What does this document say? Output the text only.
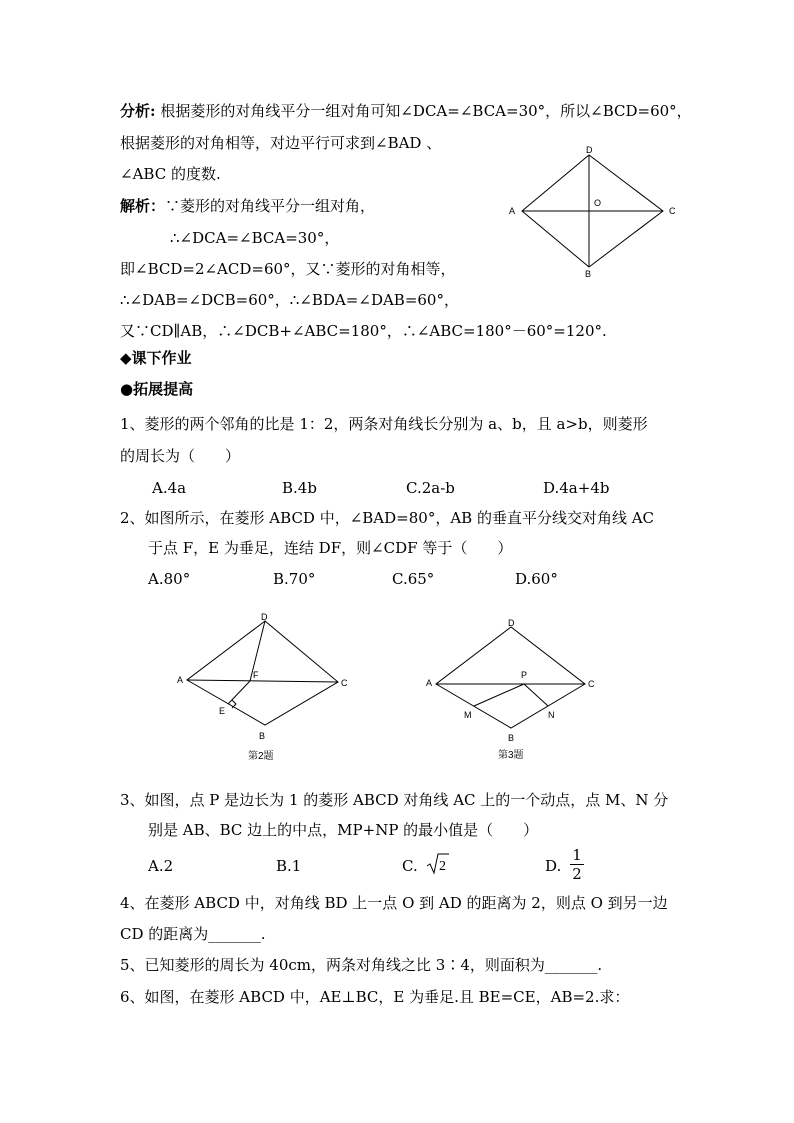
分析: 根据菱形的对角线平分一组对角可知∠DCA=∠BCA=30°，所以∠BCD=60°，
根据菱形的对角相等，对边平行可求到∠BAD 、
∠ABC 的度数.
解析：∵菱形的对角线平分一组对角，
∴∠DCA=∠BCA=30°，
即∠BCD=2∠ACD=60°，又∵菱形的对角相等，
∴∠DAB=∠DCB=60°，∴∠BDA=∠DAB=60°，
又∵CD∥AB，∴∠DCB+∠ABC=180°，∴∠ABC=180°－60°=120°.
D
A
O
C
B
◆课下作业
●拓展提高
1、菱形的两个邻角的比是 1：2，两条对角线长分别为 a、b，且 a>b，则菱形
的周长为（　　）
A.4a	B.4b	C.2a-b	D.4a+4b
2、如图所示，在菱形 ABCD 中，∠BAD=80°，AB 的垂直平分线交对角线 AC
于点 F，E 为垂足，连结 DF，则∠CDF 等于（　　）
A.80°	B.70°	C.65°	D.60°
D
A	F
C
E
B
第2题
D
P
A	C
M	N
B
第3题
3、如图，点 P 是边长为 1 的菱形 ABCD 对角线 AC 上的一个动点，点 M、N 分
别是 AB、BC 边上的中点，MP+NP 的最小值是（　　）
A.2	B.1	C. 2	D. $\frac{1}{2}$
4、在菱形 ABCD 中，对角线 BD 上一点 O 到 AD 的距离为 2，则点 O 到另一边
CD 的距离为_______.
5、已知菱形的周长为 40cm，两条对角线之比 3∶4，则面积为_______.
6、如图，在菱形 ABCD 中，AE⊥BC，E 为垂足.且 BE=CE，AB=2.求：
